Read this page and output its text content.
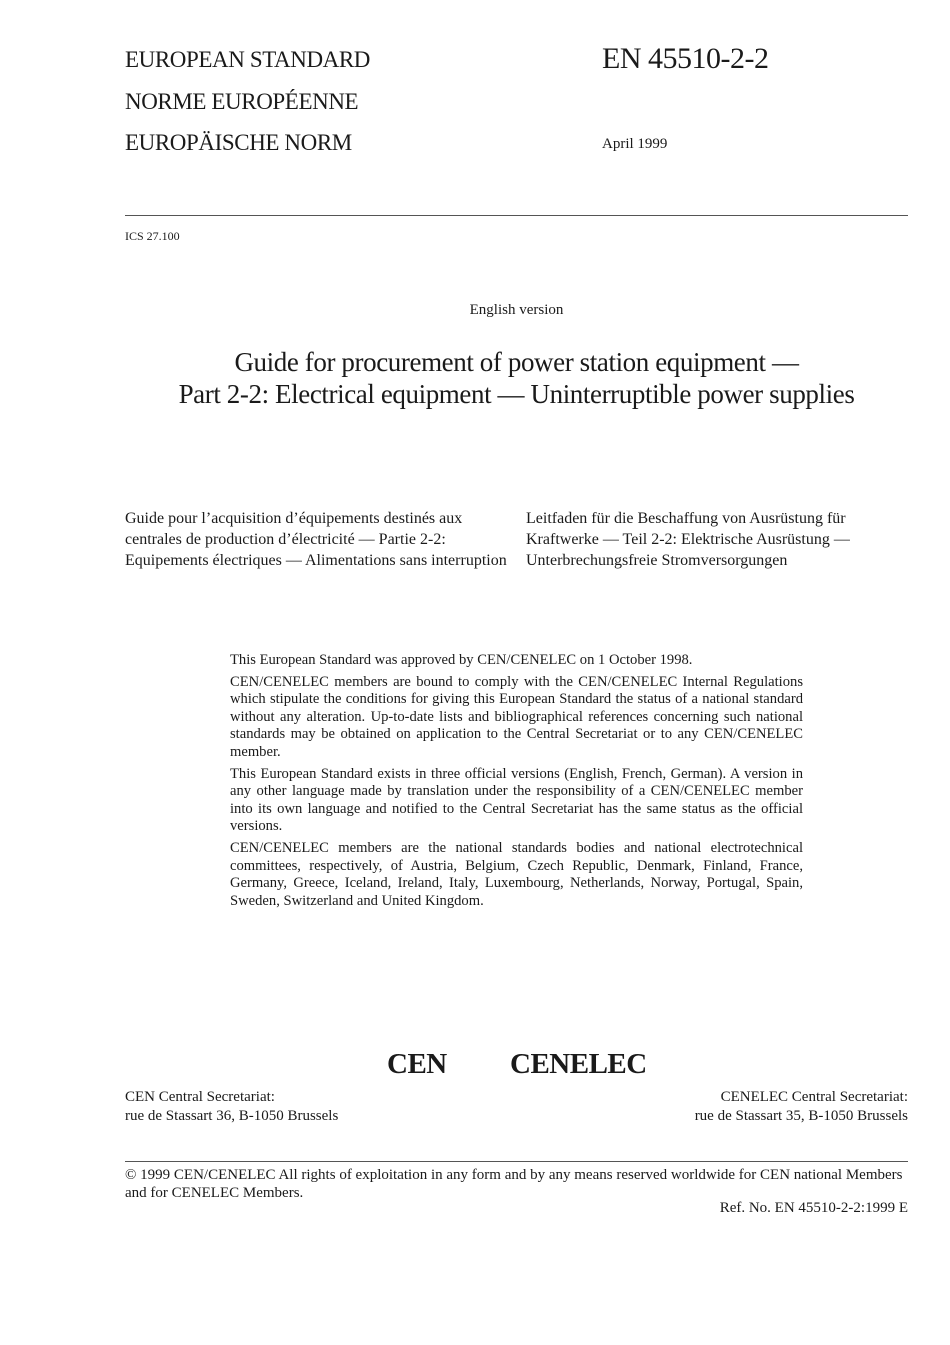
EUROPEAN STANDARD
NORME EUROPÉENNE
EUROPÄISCHE NORM
EN 45510-2-2
April 1999
ICS 27.100
English version
Guide for procurement of power station equipment —
Part 2-2: Electrical equipment — Uninterruptible power supplies
Guide pour l’acquisition d’équipements destinés aux centrales de production d’électricité — Partie 2-2: Equipements électriques — Alimentations sans interruption
Leitfaden für die Beschaffung von Ausrüstung für Kraftwerke — Teil 2-2: Elektrische Ausrüstung — Unterbrechungsfreie Stromversorgungen

This European Standard was approved by CEN/CENELEC on 1 October 1998.

CEN/CENELEC members are bound to comply with the CEN/CENELEC Internal Regulations which stipulate the conditions for giving this European Standard the status of a national standard without any alteration. Up-to-date lists and bibliographical references concerning such national standards may be obtained on application to the Central Secretariat or to any CEN/CENELEC member.

This European Standard exists in three official versions (English, French, German). A version in any other language made by translation under the responsibility of a CEN/CENELEC member into its own language and notified to the Central Secretariat has the same status as the official versions.

CEN/CENELEC members are the national standards bodies and national electrotechnical committees, respectively, of Austria, Belgium, Czech Republic, Denmark, Finland, France, Germany, Greece, Iceland, Ireland, Italy, Luxembourg, Netherlands, Norway, Portugal, Spain, Sweden, Switzerland and United Kingdom.

CEN CENELEC
CEN Central Secretariat:
rue de Stassart 36, B-1050 Brussels
CENELEC Central Secretariat:
rue de Stassart 35, B-1050 Brussels
© 1999 CEN/CENELEC All rights of exploitation in any form and by any means reserved worldwide for CEN national Members and for CENELEC Members.
Ref. No. EN 45510-2-2:1999 E
